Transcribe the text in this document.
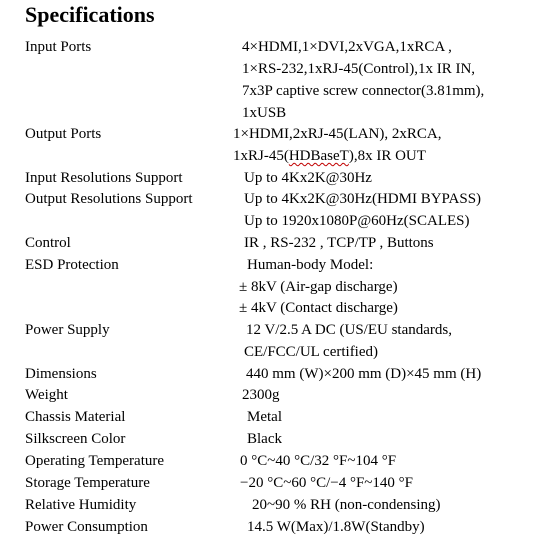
Specifications
Input Ports	4×HDMI,1×DVI,2xVGA,1xRCA ,
1×RS-232,1xRJ-45(Control),1x IR IN,
7x3P captive screw connector(3.81mm),
1xUSB
Output Ports	1×HDMI,2xRJ-45(LAN), 2xRCA,
1xRJ-45(HDBaseT),8x IR OUT
Input Resolutions Support	Up to 4Kx2K@30Hz
Output Resolutions Support	Up to 4Kx2K@30Hz(HDMI BYPASS)
Up to 1920x1080P@60Hz(SCALES)
Control	IR , RS-232 , TCP/TP , Buttons
ESD Protection	Human-body Model:
± 8kV (Air-gap discharge)
± 4kV (Contact discharge)
Power Supply	12 V/2.5 A DC (US/EU standards,
CE/FCC/UL certified)
Dimensions	440 mm (W)×200 mm (D)×45 mm (H)
Weight	2300g
Chassis Material	Metal
Silkscreen Color	Black
Operating Temperature	0 °C~40 °C/32 °F~104 °F
Storage Temperature	−20 °C~60 °C/−4 °F~140 °F
Relative Humidity	20~90 % RH (non-condensing)
Power Consumption	14.5 W(Max)/1.8W(Standby)
